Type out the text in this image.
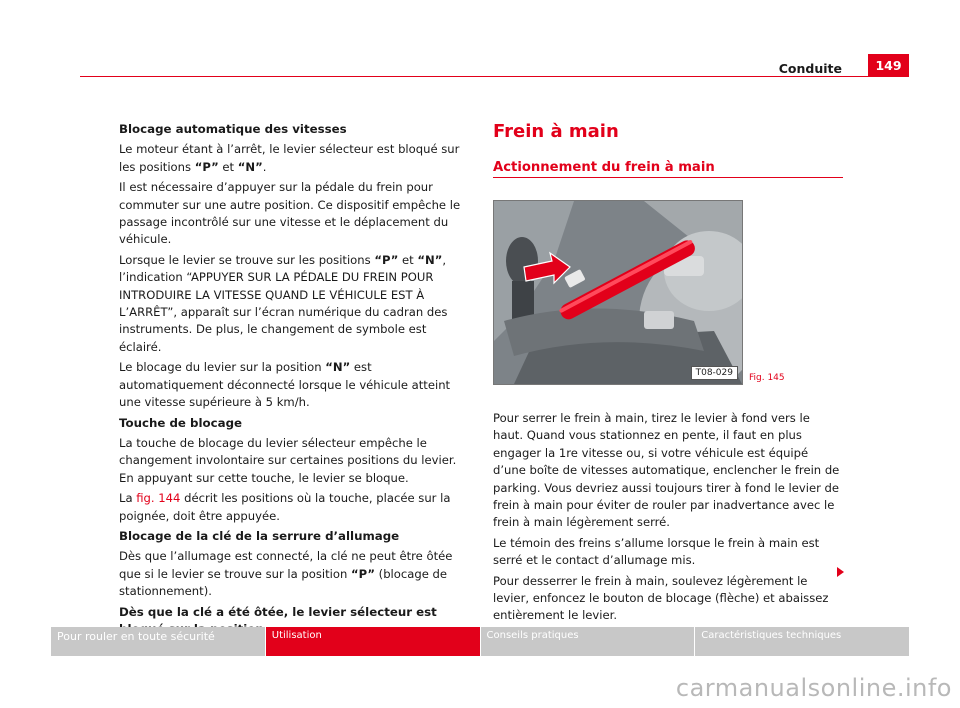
Conduite	149
Blocage automatique des vitesses

Le moteur étant à l’arrêt, le levier sélecteur est bloqué sur les positions “P” et “N”.

Il est nécessaire d’appuyer sur la pédale du frein pour commuter sur une autre position. Ce dispositif empêche le passage incontrôlé sur une vitesse et le déplacement du véhicule.

Lorsque le levier se trouve sur les positions “P” et “N”, l’indication “APPUYER SUR LA PÉDALE DU FREIN POUR INTRODUIRE LA VITESSE QUAND LE VÉHICULE EST À L’ARRÊT”, apparaît sur l’écran numérique du cadran des instruments. De plus, le changement de symbole est éclairé.

Le blocage du levier sur la position “N” est automatiquement déconnecté lorsque le véhicule atteint une vitesse supérieure à 5 km/h.

Touche de blocage

La touche de blocage du levier sélecteur empêche le changement involontaire sur certaines positions du levier. En appuyant sur cette touche, le levier se bloque.

La fig. 144 décrit les positions où la touche, placée sur la poignée, doit être appuyée.

Blocage de la clé de la serrure d’allumage

Dès que l’allumage est connecté, la clé ne peut être ôtée que si le levier se trouve sur la position “P” (blocage de stationnement).

Dès que la clé a été ôtée, le levier sélecteur est

Frein à main
Actionnement du frein à main
T08-029	Fig. 145

Pour serrer le frein à main, tirez le levier à fond vers le haut. Quand vous stationnez en pente, il faut en plus engager la 1re vitesse ou, si votre véhicule est équipé d’une boîte de vitesses automatique, enclencher le frein de parking. Vous devriez aussi toujours tirer à fond le levier de frein à main pour éviter de rouler par inadvertance avec le frein à main légèrement serré.

Le témoin des freins s’allume lorsque le frein à main est serré et le contact d’allumage mis.

Pour desserrer le frein à main, soulevez légèrement le levier, enfoncez le bouton de blocage (flèche) et abaissez entièrement le levier.

Pour rouler en toute sécurité	Utilisation	Conseils pratiques	Caractéristiques techniques
carmanualsonline.info
